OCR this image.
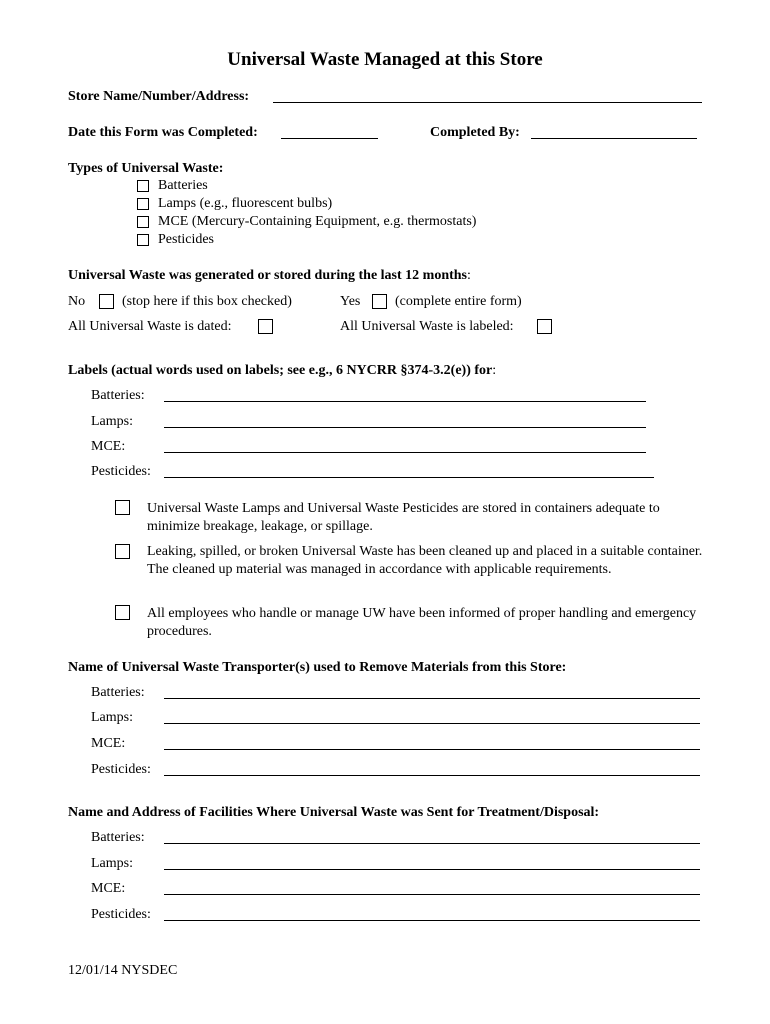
Universal Waste Managed at this Store
Store Name/Number/Address:
Date this Form was Completed:	Completed By:
Types of Universal Waste:
Batteries
Lamps (e.g., fluorescent bulbs)
MCE (Mercury-Containing Equipment, e.g. thermostats)
Pesticides
Universal Waste was generated or stored during the last 12 months:
No	(stop here if this box checked)	Yes (complete entire form)
All Universal Waste is dated:	All Universal Waste is labeled:
Labels (actual words used on labels; see e.g., 6 NYCRR §374-3.2(e)) for:
Batteries:
Lamps:
MCE:
Pesticides:
Universal Waste Lamps and Universal Waste Pesticides are stored in containers adequate to minimize breakage, leakage, or spillage.
Leaking, spilled, or broken Universal Waste has been cleaned up and placed in a suitable container. The cleaned up material was managed in accordance with applicable requirements.
All employees who handle or manage UW have been informed of proper handling and emergency procedures.
Name of Universal Waste Transporter(s) used to Remove Materials from this Store:
Batteries:
Lamps:
MCE:
Pesticides:
Name and Address of Facilities Where Universal Waste was Sent for Treatment/Disposal:
Batteries:
Lamps:
MCE:
Pesticides:
12/01/14 NYSDEC
